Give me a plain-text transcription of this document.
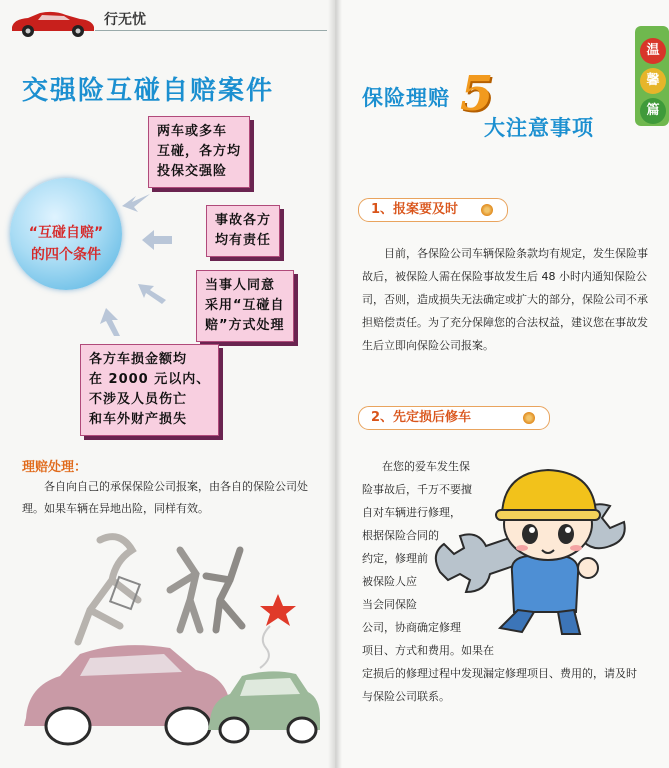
行无忧
交强险互碰自赔案件
“互碰自赔”
的四个条件
两车或多车
互碰，各方均
投保交强险
事故各方
均有责任
当事人同意
采用“互碰自
赔”方式处理
各方车损金额均
在 2000 元以内、
不涉及人员伤亡
和车外财产损失
理赔处理：
各自向自己的承保保险公司报案，由各自的保险公司处理。如果车辆在异地出险，同样有效。
温
馨
篇
保险理赔 5
大注意事项
1、报案要及时
目前，各保险公司车辆保险条款均有规定，发生保险事故后，被保险人需在保险事故发生后 48 小时内通知保险公司，否则，造成损失无法确定或扩大的部分，保险公司不承担赔偿责任。为了充分保障您的合法权益，建议您在事故发生后立即向保险公司报案。
2、先定损后修车
在您的爱车发生保
险事故后，千万不要擅
自对车辆进行修理，
根据保险合同的
约定，修理前
被保险人应
当会同保险
公司，协商确定修理
项目、方式和费用。如果在
定损后的修理过程中发现漏定修理项目、费用的，请及时
与保险公司联系。
